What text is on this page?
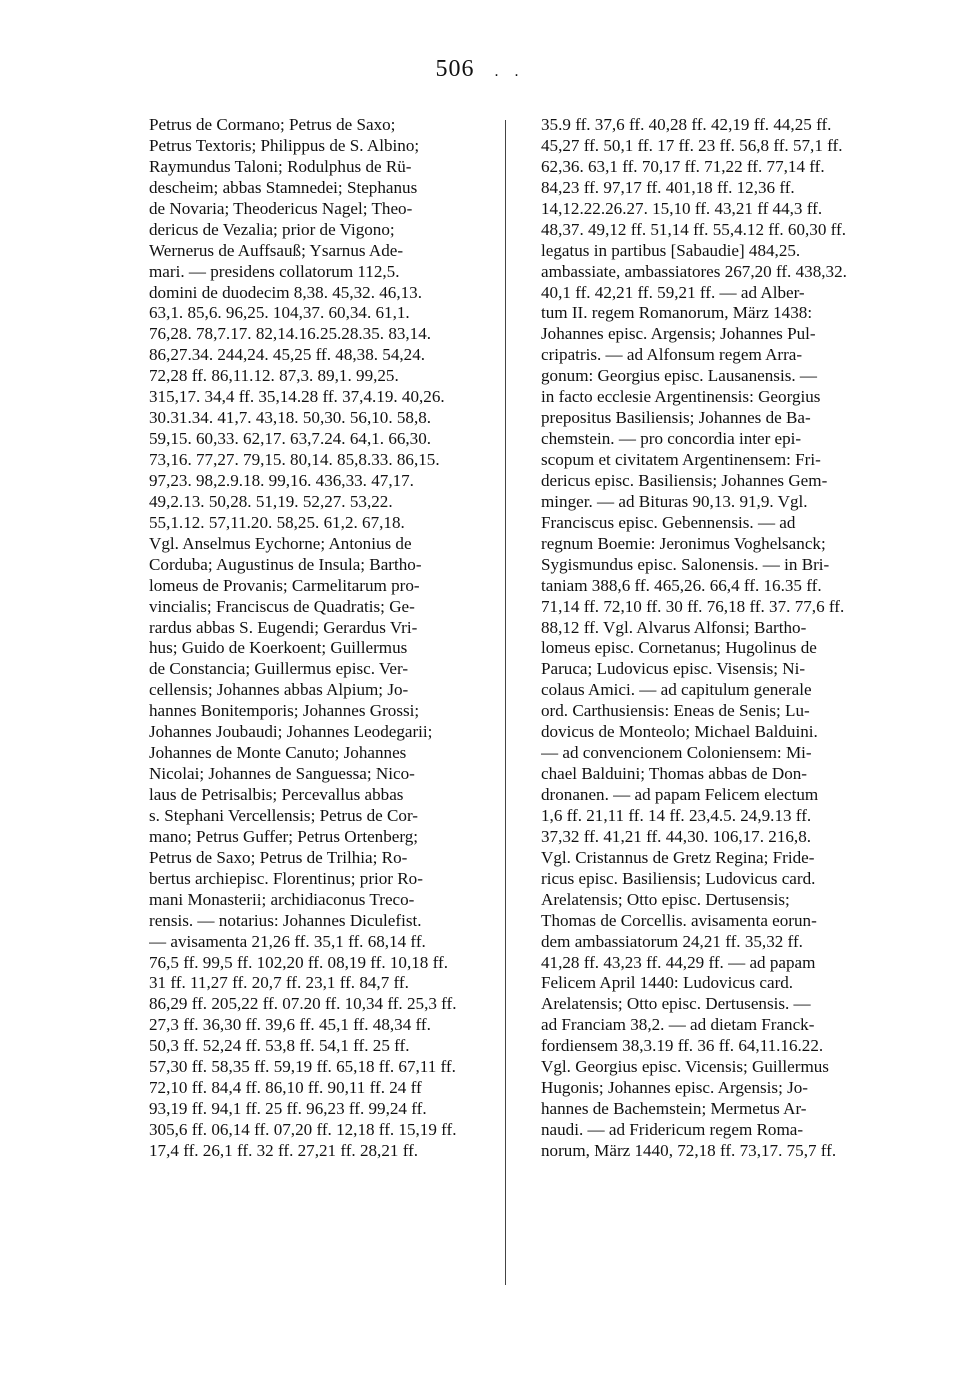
506 . .
Petrus de Cormano; Petrus de Saxo;
Petrus Textoris; Philippus de S. Albino;
Raymundus Taloni; Rodulphus de Rü-
descheim; abbas Stamnedei; Stephanus
de Novaria; Theodericus Nagel; Theo-
dericus de Vezalia; prior de Vigono;
Wernerus de Auffsauß; Ysarnus Ade-
mari. — presidens collatorum 112,5.
domini de duodecim 8,38. 45,32. 46,13.
63,1. 85,6. 96,25. 104,37. 60,34. 61,1.
76,28. 78,7.17. 82,14.16.25.28.35. 83,14.
86,27.34. 244,24. 45,25 ff. 48,38. 54,24.
72,28 ff. 86,11.12. 87,3. 89,1. 99,25.
315,17. 34,4 ff. 35,14.28 ff. 37,4.19. 40,26.
30.31.34. 41,7. 43,18. 50,30. 56,10. 58,8.
59,15. 60,33. 62,17. 63,7.24. 64,1. 66,30.
73,16. 77,27. 79,15. 80,14. 85,8.33. 86,15.
97,23. 98,2.9.18. 99,16. 436,33. 47,17.
49,2.13. 50,28. 51,19. 52,27. 53,22.
55,1.12. 57,11.20. 58,25. 61,2. 67,18.
Vgl. Anselmus Eychorne; Antonius de
Corduba; Augustinus de Insula; Bartho-
lomeus de Provanis; Carmelitarum pro-
vincialis; Franciscus de Quadratis; Ge-
rardus abbas S. Eugendi; Gerardus Vri-
hus; Guido de Koerkoent; Guillermus
de Constancia; Guillermus episc. Ver-
cellensis; Johannes abbas Alpium; Jo-
hannes Bonitemporis; Johannes Grossi;
Johannes Joubaudi; Johannes Leodegarii;
Johannes de Monte Canuto; Johannes
Nicolai; Johannes de Sanguessa; Nico-
laus de Petrisalbis; Percevallus abbas
s. Stephani Vercellensis; Petrus de Cor-
mano; Petrus Guffer; Petrus Ortenberg;
Petrus de Saxo; Petrus de Trilhia; Ro-
bertus archiepisc. Florentinus; prior Ro-
mani Monasterii; archidiaconus Treco-
rensis. — notarius: Johannes Diculefist.
— avisamenta 21,26 ff. 35,1 ff. 68,14 ff.
76,5 ff. 99,5 ff. 102,20 ff. 08,19 ff. 10,18 ff.
31 ff. 11,27 ff. 20,7 ff. 23,1 ff. 84,7 ff.
86,29 ff. 205,22 ff. 07.20 ff. 10,34 ff. 25,3 ff.
27,3 ff. 36,30 ff. 39,6 ff. 45,1 ff. 48,34 ff.
50,3 ff. 52,24 ff. 53,8 ff. 54,1 ff. 25 ff.
57,30 ff. 58,35 ff. 59,19 ff. 65,18 ff. 67,11 ff.
72,10 ff. 84,4 ff. 86,10 ff. 90,11 ff. 24 ff
93,19 ff. 94,1 ff. 25 ff. 96,23 ff. 99,24 ff.
305,6 ff. 06,14 ff. 07,20 ff. 12,18 ff. 15,19 ff.
17,4 ff. 26,1 ff. 32 ff. 27,21 ff. 28,21 ff.
35.9 ff. 37,6 ff. 40,28 ff. 42,19 ff. 44,25 ff.
45,27 ff. 50,1 ff. 17 ff. 23 ff. 56,8 ff. 57,1 ff.
62,36. 63,1 ff. 70,17 ff. 71,22 ff. 77,14 ff.
84,23 ff. 97,17 ff. 401,18 ff. 12,36 ff.
14,12.22.26.27. 15,10 ff. 43,21 ff 44,3 ff.
48,37. 49,12 ff. 51,14 ff. 55,4.12 ff. 60,30 ff.
legatus in partibus [Sabaudie] 484,25.
ambassiate, ambassiatores 267,20 ff. 438,32.
40,1 ff. 42,21 ff. 59,21 ff. — ad Alber-
tum II. regem Romanorum, März 1438:
Johannes episc. Argensis; Johannes Pul-
cripatris. — ad Alfonsum regem Arra-
gonum: Georgius episc. Lausanensis. —
in facto ecclesie Argentinensis: Georgius
prepositus Basiliensis; Johannes de Ba-
chemstein. — pro concordia inter epi-
scopum et civitatem Argentinensem: Fri-
dericus episc. Basiliensis; Johannes Gem-
minger. — ad Bituras 90,13. 91,9. Vgl.
Franciscus episc. Gebennensis. — ad
regnum Boemie: Jeronimus Voghelsanck;
Sygismundus episc. Salonensis. — in Bri-
taniam 388,6 ff. 465,26. 66,4 ff. 16.35 ff.
71,14 ff. 72,10 ff. 30 ff. 76,18 ff. 37. 77,6 ff.
88,12 ff. Vgl. Alvarus Alfonsi; Bartho-
lomeus episc. Cornetanus; Hugolinus de
Paruca; Ludovicus episc. Visensis; Ni-
colaus Amici. — ad capitulum generale
ord. Carthusiensis: Eneas de Senis; Lu-
dovicus de Monteolo; Michael Balduini.
— ad convencionem Coloniensem: Mi-
chael Balduini; Thomas abbas de Don-
dronanen. — ad papam Felicem electum
1,6 ff. 21,11 ff. 14 ff. 23,4.5. 24,9.13 ff.
37,32 ff. 41,21 ff. 44,30. 106,17. 216,8.
Vgl. Cristannus de Gretz Regina; Fride-
ricus episc. Basiliensis; Ludovicus card.
Arelatensis; Otto episc. Dertusensis;
Thomas de Corcellis. avisamenta eorun-
dem ambassiatorum 24,21 ff. 35,32 ff.
41,28 ff. 43,23 ff. 44,29 ff. — ad papam
Felicem April 1440: Ludovicus card.
Arelatensis; Otto episc. Dertusensis. —
ad Franciam 38,2. — ad dietam Franck-
fordiensem 38,3.19 ff. 36 ff. 64,11.16.22.
Vgl. Georgius episc. Vicensis; Guillermus
Hugonis; Johannes episc. Argensis; Jo-
hannes de Bachemstein; Mermetus Ar-
naudi. — ad Fridericum regem Roma-
norum, März 1440, 72,18 ff. 73,17. 75,7 ff.
